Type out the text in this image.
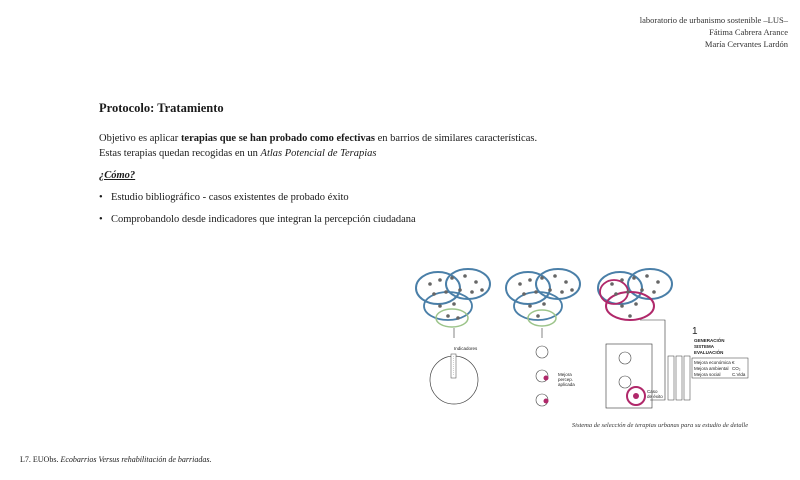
laboratorio de urbanismo sostenible –LUS–
Fátima Cabrera Arance
María Cervantes Lardón
Protocolo: Tratamiento
Objetivo es aplicar terapias que se han probado como efectivas en barrios de similares características.
Estas terapias quedan recogidas en un Atlas Potencial de Terapias
¿Cómo?
• Estudio bibliográfico - casos existentes de probado éxito
• Comprobandolo desde indicadores que integran la percepción ciudadana
Indicadores
Mejora
percep.
aplicada
Caso
de éxito
1
GENERACIÓN
SISTEMA
EVALUACIÓN
Mejora económica €
Mejora ambiental CO₂
Mejora social	C.Vida
Sistema de selección de terapias urbanas para su estudio de detalle
L7. EUObs. Ecobarrios Versus rehabilitación de barriadas.
